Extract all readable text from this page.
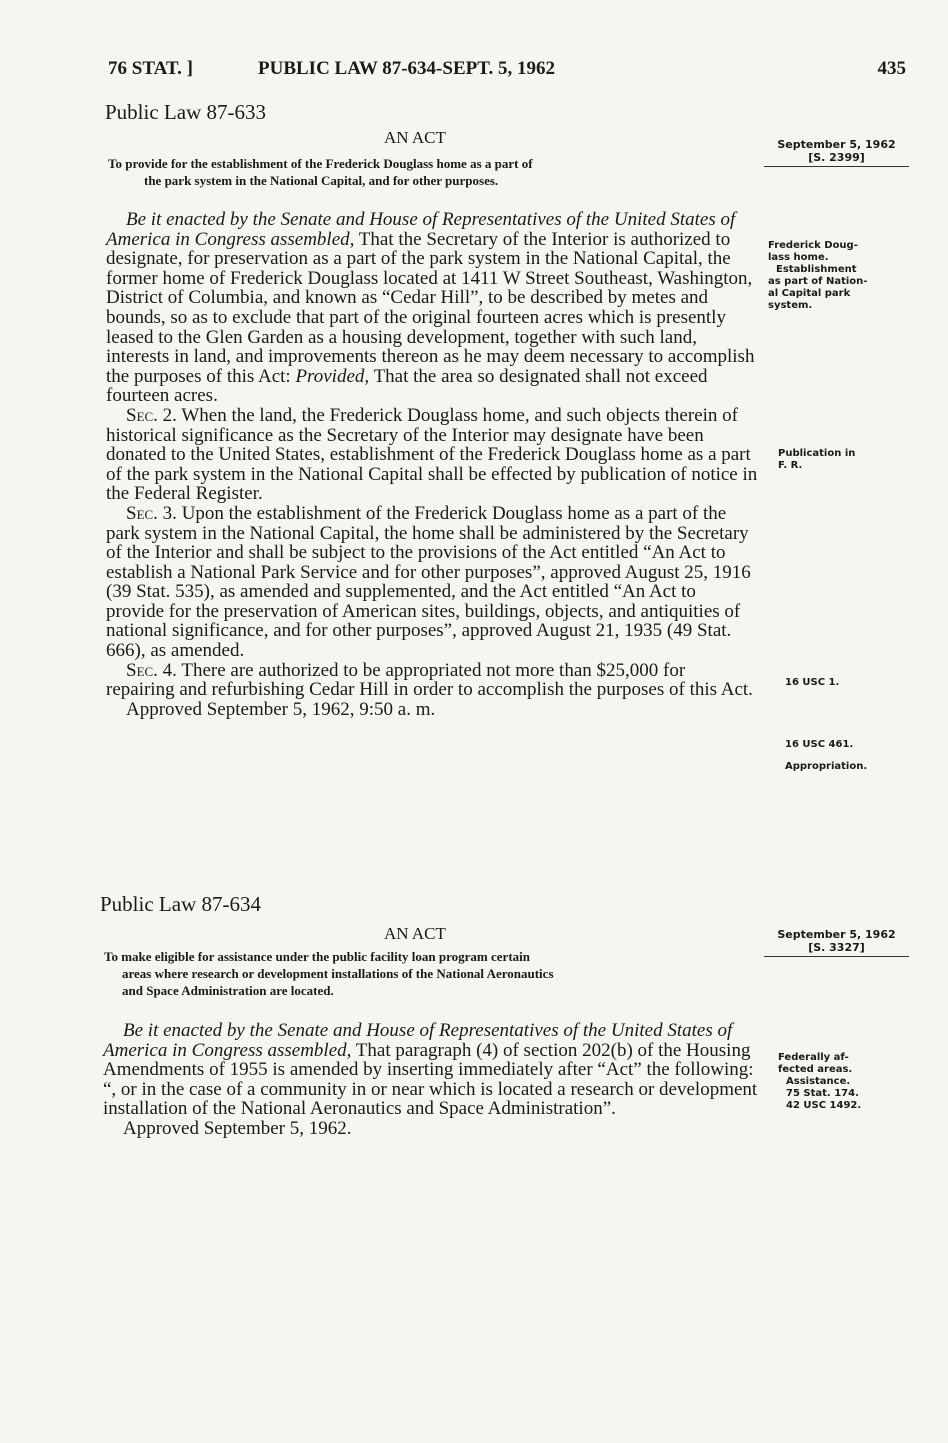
76 STAT. ]	PUBLIC LAW 87-634-SEPT. 5, 1962	435
Public Law 87-633
AN ACT	September 5, 1962
[S. 2399]
To provide for the establishment of the Frederick Douglass home as a part of
the park system in the National Capital, and for other purposes.

Be it enacted by the Senate and House of Representatives of the United States of America in Congress assembled, That the Secretary of the Interior is authorized to designate, for preservation as a part of the park system in the National Capital, the former home of Frederick Douglass located at 1411 W Street Southeast, Washington, District of Columbia, and known as “Cedar Hill”, to be described by metes and bounds, so as to exclude that part of the original fourteen acres which is presently leased to the Glen Garden as a housing development, together with such land, interests in land, and improvements thereon as he may deem necessary to accomplish the purposes of this Act: Provided, That the area so designated shall not exceed fourteen acres.

Sec. 2. When the land, the Frederick Douglass home, and such objects therein of historical significance as the Secretary of the Interior may designate have been donated to the United States, establishment of the Frederick Douglass home as a part of the park system in the National Capital shall be effected by publication of notice in the Federal Register.

Sec. 3. Upon the establishment of the Frederick Douglass home as a part of the park system in the National Capital, the home shall be administered by the Secretary of the Interior and shall be subject to the provisions of the Act entitled “An Act to establish a National Park Service and for other purposes”, approved August 25, 1916 (39 Stat. 535), as amended and supplemented, and the Act entitled “An Act to provide for the preservation of American sites, buildings, objects, and antiquities of national significance, and for other purposes”, approved August 21, 1935 (49 Stat. 666), as amended.

Sec. 4. There are authorized to be appropriated not more than $25,000 for repairing and refurbishing Cedar Hill in order to accomplish the purposes of this Act.

Approved September 5, 1962, 9:50 a. m.

Frederick Doug-
lass home.
Establishment
as part of Nation-
al Capital park
system.
Publication in
F. R.
16 USC 1.
16 USC 461.
Appropriation.
Public Law 87-634
AN ACT	September 5, 1962
[S. 3327]
To make eligible for assistance under the public facility loan program certain
areas where research or development installations of the National Aeronautics
and Space Administration are located.

Be it enacted by the Senate and House of Representatives of the United States of America in Congress assembled, That paragraph (4) of section 202(b) of the Housing Amendments of 1955 is amended by inserting immediately after “Act” the following: “, or in the case of a community in or near which is located a research or development installation of the National Aeronautics and Space Administration”.

Approved September 5, 1962.

Federally af-
fected areas.
Assistance.
75 Stat. 174.
42 USC 1492.
